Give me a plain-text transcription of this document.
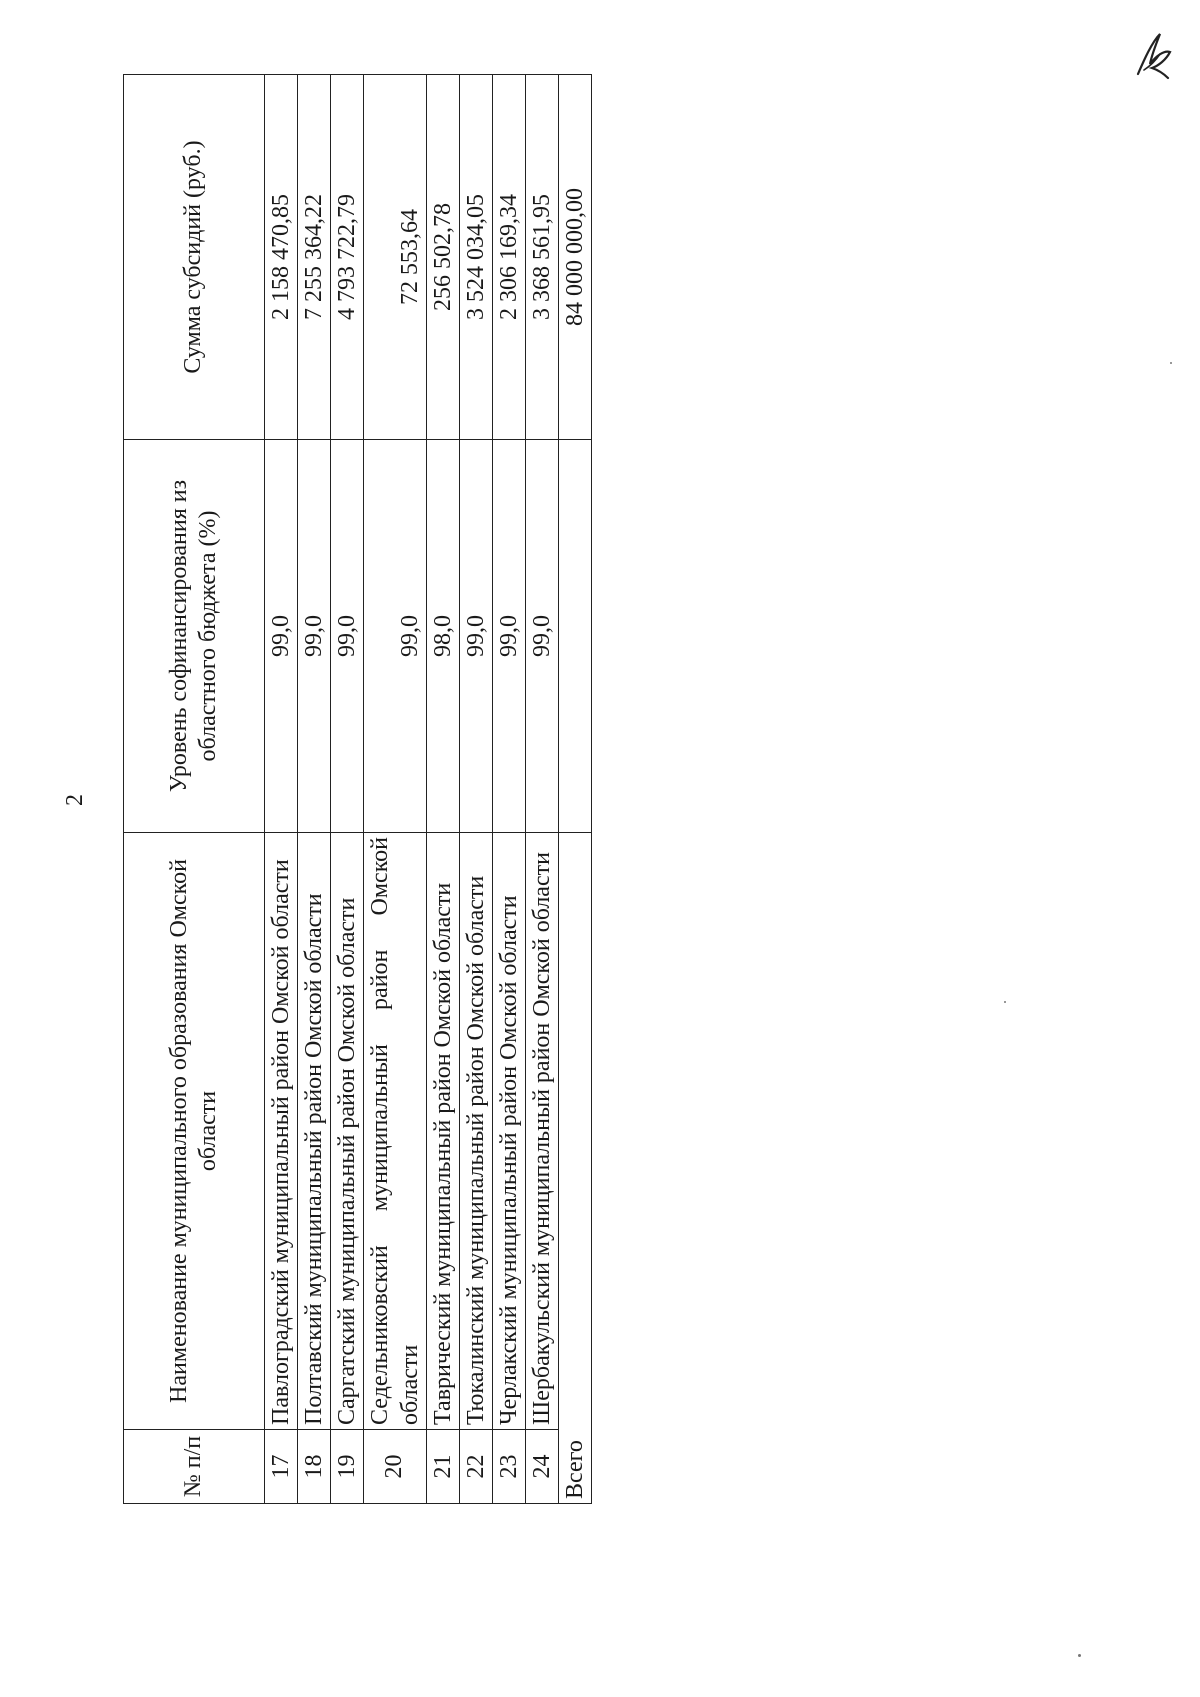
2
№ п/п	Наименование муниципального образования Омской области	Уровень софинансирования из областного бюджета (%)	Сумма субсидий (руб.)
17	Павлоградский муниципальный район Омской области	99,0	2 158 470,85
18	Полтавский муниципальный район Омской области	99,0	7 255 364,22
19	Саргатский муниципальный район Омской области	99,0	4 793 722,79
20	Седельниковский муниципальный район Омской области	99,0	72 553,64
21	Таврический муниципальный район Омской области	98,0	256 502,78
22	Тюкалинский муниципальный район Омской области	99,0	3 524 034,05
23	Черлакский муниципальный район Омской области	99,0	2 306 169,34
24	Шербакульский муниципальный район Омской области	99,0	3 368 561,95
Всего			84 000 000,00
